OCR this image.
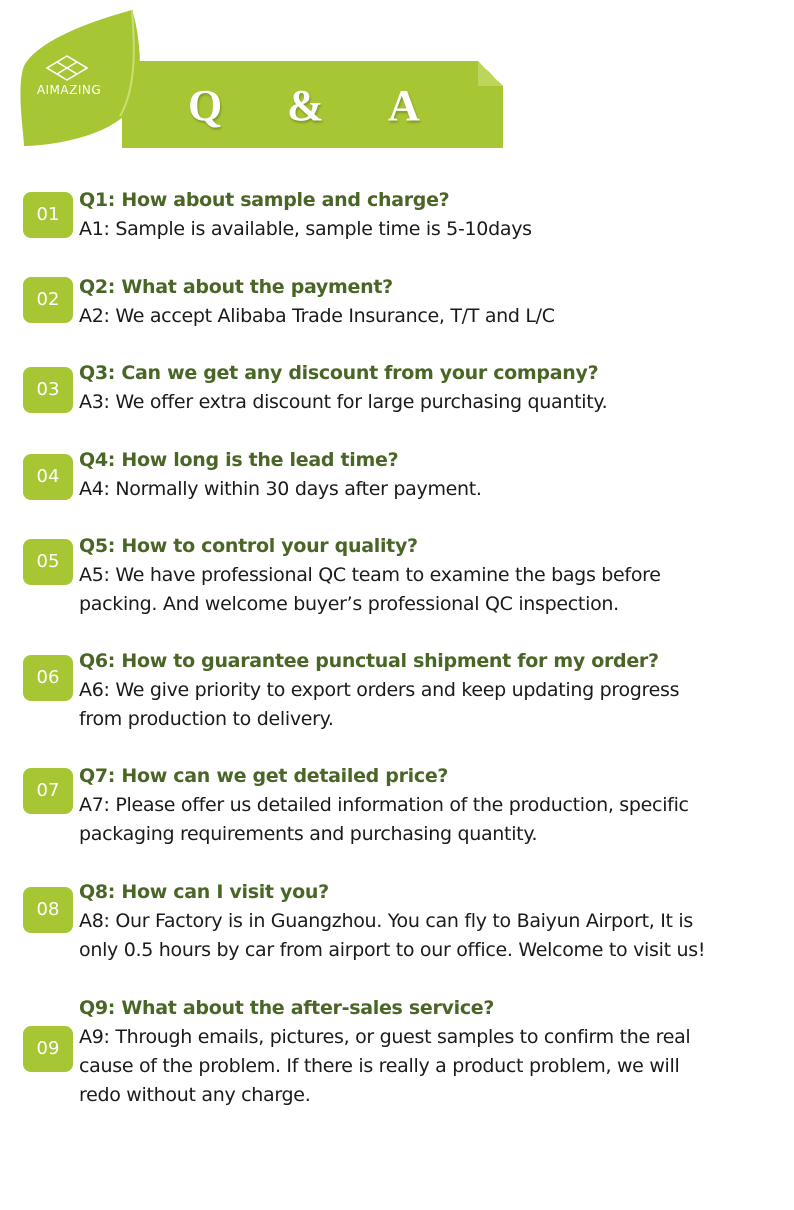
AIMAZING Q & A
01
Q1: How about sample and charge?
A1: Sample is available, sample time is 5-10days
02
Q2: What about the payment?
A2: We accept Alibaba Trade Insurance, T/T and L/C
03
Q3: Can we get any discount from your company?
A3: We offer extra discount for large purchasing quantity.
04
Q4: How long is the lead time?
A4: Normally within 30 days after payment.
05
Q5: How to control your quality?
A5: We have professional QC team to examine the bags before
packing. And welcome buyer’s professional QC inspection.
06
Q6: How to guarantee punctual shipment for my order?
A6: We give priority to export orders and keep updating progress
from production to delivery.
07
Q7: How can we get detailed price?
A7: Please offer us detailed information of the production, specific
packaging requirements and purchasing quantity.
08
Q8: How can I visit you?
A8: Our Factory is in Guangzhou. You can fly to Baiyun Airport, It is
only 0.5 hours by car from airport to our office. Welcome to visit us!
09
Q9: What about the after-sales service?
A9: Through emails, pictures, or guest samples to confirm the real
cause of the problem. If there is really a product problem, we will
redo without any charge.
